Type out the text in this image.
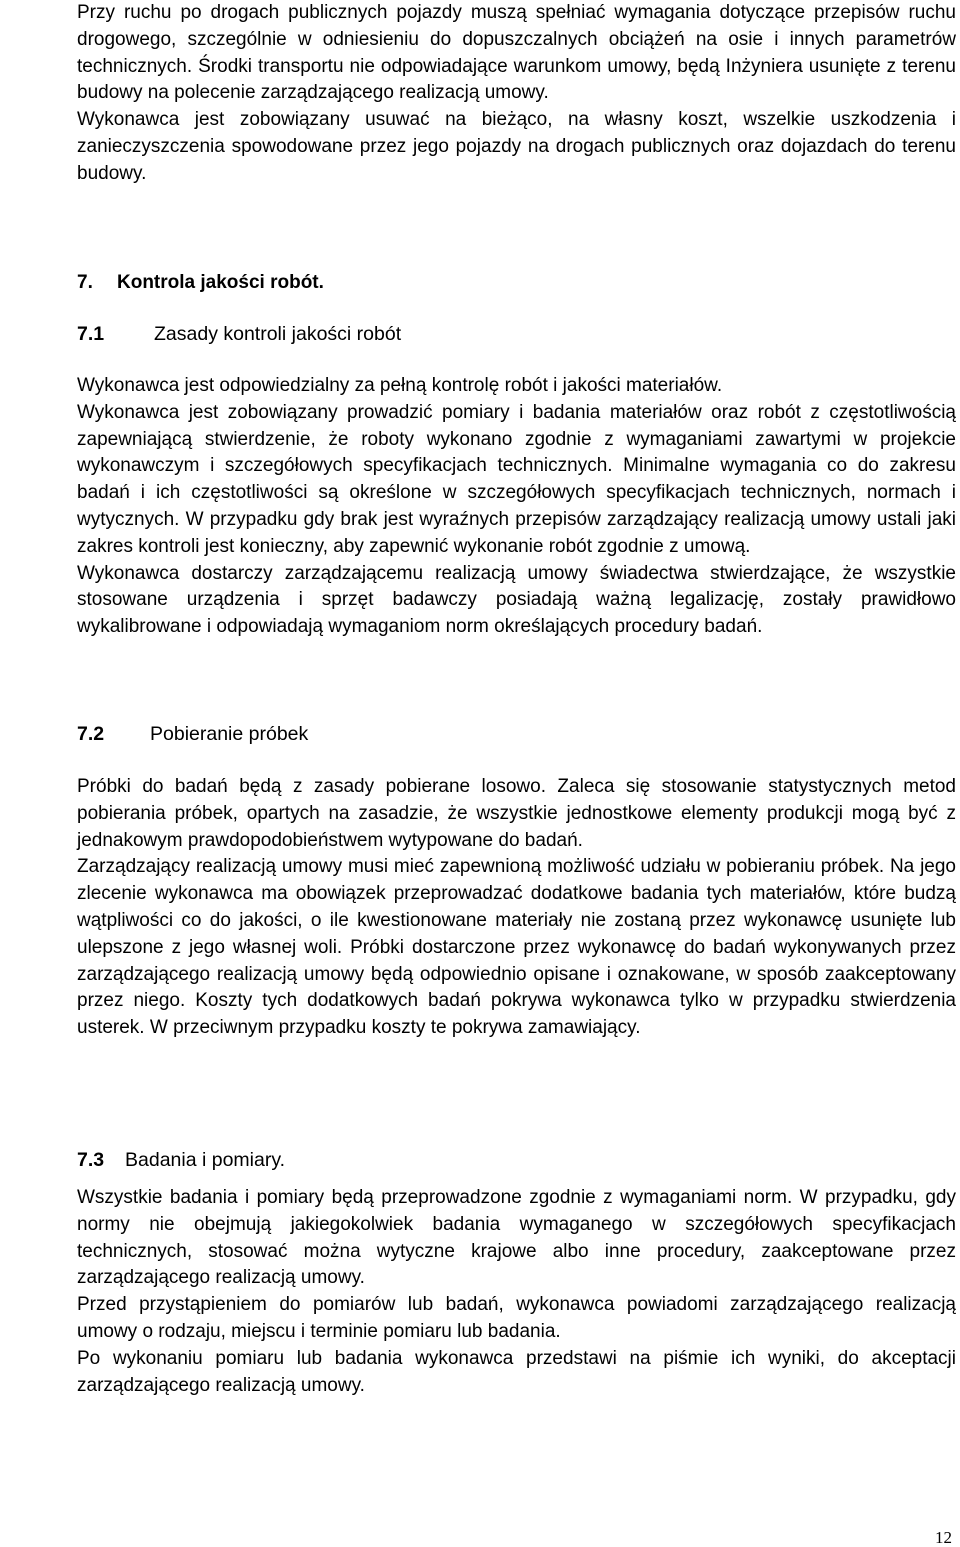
Przy ruchu po drogach publicznych pojazdy muszą spełniać wymagania dotyczące przepisów ruchu drogowego, szczególnie w odniesieniu do dopuszczalnych obciążeń na osie i innych parametrów technicznych. Środki transportu nie odpowiadające warunkom umowy, będą Inżyniera usunięte z terenu budowy na polecenie zarządzającego realizacją umowy.

Wykonawca jest zobowiązany usuwać na bieżąco, na własny koszt, wszelkie uszkodzenia i zanieczyszczenia spowodowane przez jego pojazdy na drogach publicznych oraz dojazdach do terenu budowy.

7. Kontrola jakości robót.
7.1	Zasady kontroli jakości robót

Wykonawca jest odpowiedzialny za pełną kontrolę robót i jakości materiałów.

Wykonawca jest zobowiązany prowadzić pomiary i badania materiałów oraz robót z częstotliwością zapewniającą stwierdzenie, że roboty wykonano zgodnie z wymaganiami zawartymi w projekcie wykonawczym i szczegółowych specyfikacjach technicznych. Minimalne wymagania co do zakresu badań i ich częstotliwości są określone w szczegółowych specyfikacjach technicznych, normach i wytycznych. W przypadku gdy brak jest wyraźnych przepisów zarządzający realizacją umowy ustali jaki zakres kontroli jest konieczny, aby zapewnić wykonanie robót zgodnie z umową.

Wykonawca dostarczy zarządzającemu realizacją umowy świadectwa stwierdzające, że wszystkie stosowane urządzenia i sprzęt badawczy posiadają ważną legalizację, zostały prawidłowo wykalibrowane i odpowiadają wymaganiom norm określających procedury badań.

7.2 Pobieranie próbek

Próbki do badań będą z zasady pobierane losowo. Zaleca się stosowanie statystycznych metod pobierania próbek, opartych na zasadzie, że wszystkie jednostkowe elementy produkcji mogą być z jednakowym prawdopodobieństwem wytypowane do badań.

Zarządzający realizacją umowy musi mieć zapewnioną możliwość udziału w pobieraniu próbek. Na jego zlecenie wykonawca ma obowiązek przeprowadzać dodatkowe badania tych materiałów, które budzą wątpliwości co do jakości, o ile kwestionowane materiały nie zostaną przez wykonawcę usunięte lub ulepszone z jego własnej woli. Próbki dostarczone przez wykonawcę do badań wykonywanych przez zarządzającego realizacją umowy będą odpowiednio opisane i oznakowane, w sposób zaakceptowany przez niego. Koszty tych dodatkowych badań pokrywa wykonawca tylko w przypadku stwierdzenia usterek. W przeciwnym przypadku koszty te pokrywa zamawiający.

7.3 Badania i pomiary.

Wszystkie badania i pomiary będą przeprowadzone zgodnie z wymaganiami norm. W przypadku, gdy normy nie obejmują jakiegokolwiek badania wymaganego w szczegółowych specyfikacjach technicznych, stosować można wytyczne krajowe albo inne procedury, zaakceptowane przez zarządzającego realizacją umowy.

Przed przystąpieniem do pomiarów lub badań, wykonawca powiadomi zarządzającego realizacją umowy o rodzaju, miejscu i terminie pomiaru lub badania.

Po wykonaniu pomiaru lub badania wykonawca przedstawi na piśmie ich wyniki, do akceptacji zarządzającego realizacją umowy.

12
